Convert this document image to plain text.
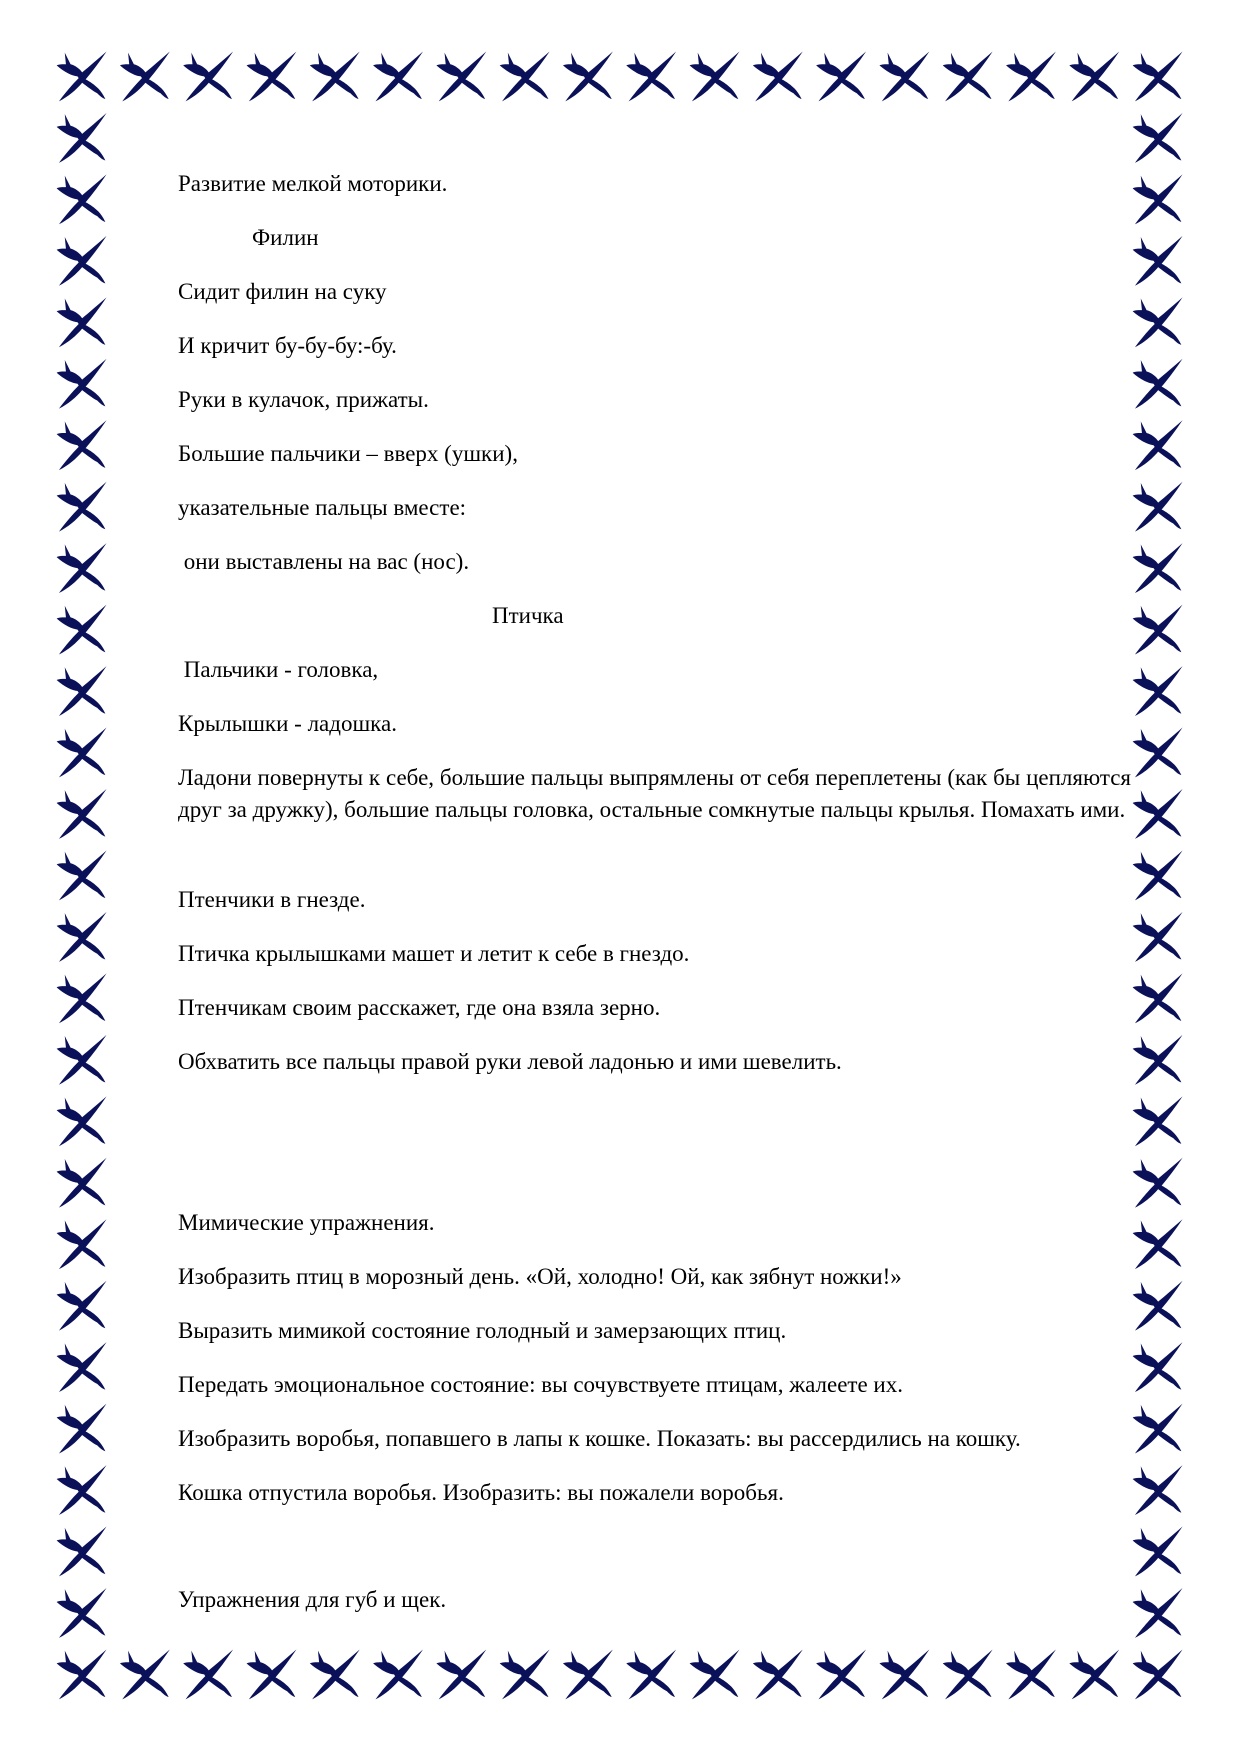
Развитие мелкой моторики.
Филин
Сидит филин на суку
И кричит бу-бу-бу:-бу.
Руки в кулачок, прижаты.
Большие пальчики – вверх (ушки),
указательные пальцы вместе:
они выставлены на вас (нос).
Птичка
Пальчики - головка,
Крылышки - ладошка.
Ладони повернуты к себе, большие пальцы выпрямлены от себя переплетены (как бы цепляются друг за дружку), большие пальцы головка, остальные сомкнутые пальцы крылья. Помахать ими.
Птенчики в гнезде.
Птичка крылышками машет и летит к себе в гнездо.
Птенчикам своим расскажет, где она взяла зерно.
Обхватить все пальцы правой руки левой ладонью и ими шевелить.
Мимические упражнения.
Изобразить птиц в морозный день. «Ой, холодно! Ой, как зябнут ножки!»
Выразить мимикой состояние голодный и замерзающих птиц.
Передать эмоциональное состояние: вы сочувствуете птицам, жалеете их.
Изобразить воробья, попавшего в лапы к кошке. Показать: вы рассердились на кошку.
Кошка отпустила воробья. Изобразить: вы пожалели воробья.
Упражнения для губ и щек.
